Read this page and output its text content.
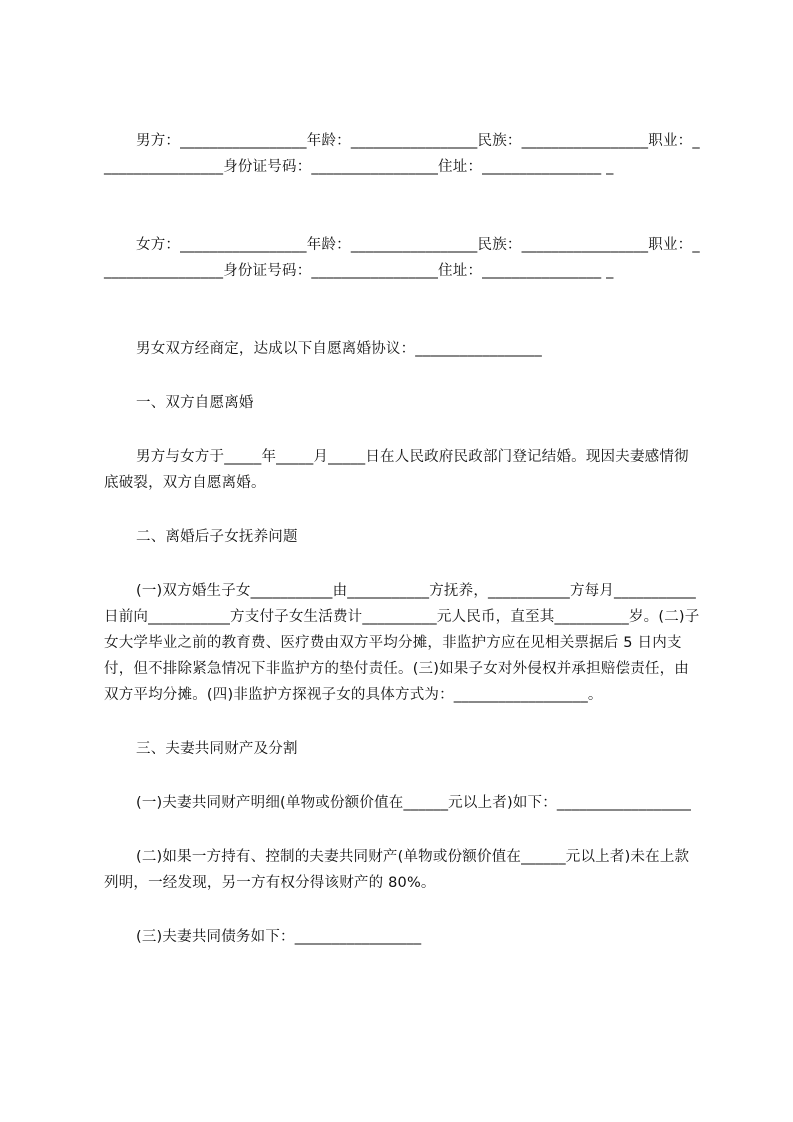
男方：_________________年龄：_________________民族：_________________职业：_________________身份证号码：_________________住址：________________ _

女方：_________________年龄：_________________民族：_________________职业：_________________身份证号码：_________________住址：________________ _

男女双方经商定，达成以下自愿离婚协议：_________________

一、双方自愿离婚

男方与女方于_____年_____月_____日在人民政府民政部门登记结婚。现因夫妻感情彻底破裂，双方自愿离婚。

二、离婚后子女抚养问题

(一)双方婚生子女___________由___________方抚养，___________方每月___________日前向___________方支付子女生活费计__________元人民币，直至其__________岁。(二)子女大学毕业之前的教育费、医疗费由双方平均分摊，非监护方应在见相关票据后 5 日内支付，但不排除紧急情况下非监护方的垫付责任。(三)如果子女对外侵权并承担赔偿责任，由双方平均分摊。(四)非监护方探视子女的具体方式为：__________________。

三、夫妻共同财产及分割

(一)夫妻共同财产明细(单物或份额价值在______元以上者)如下：__________________

(二)如果一方持有、控制的夫妻共同财产(单物或份额价值在______元以上者)未在上款列明，一经发现，另一方有权分得该财产的 80%。

(三)夫妻共同债务如下：_________________
